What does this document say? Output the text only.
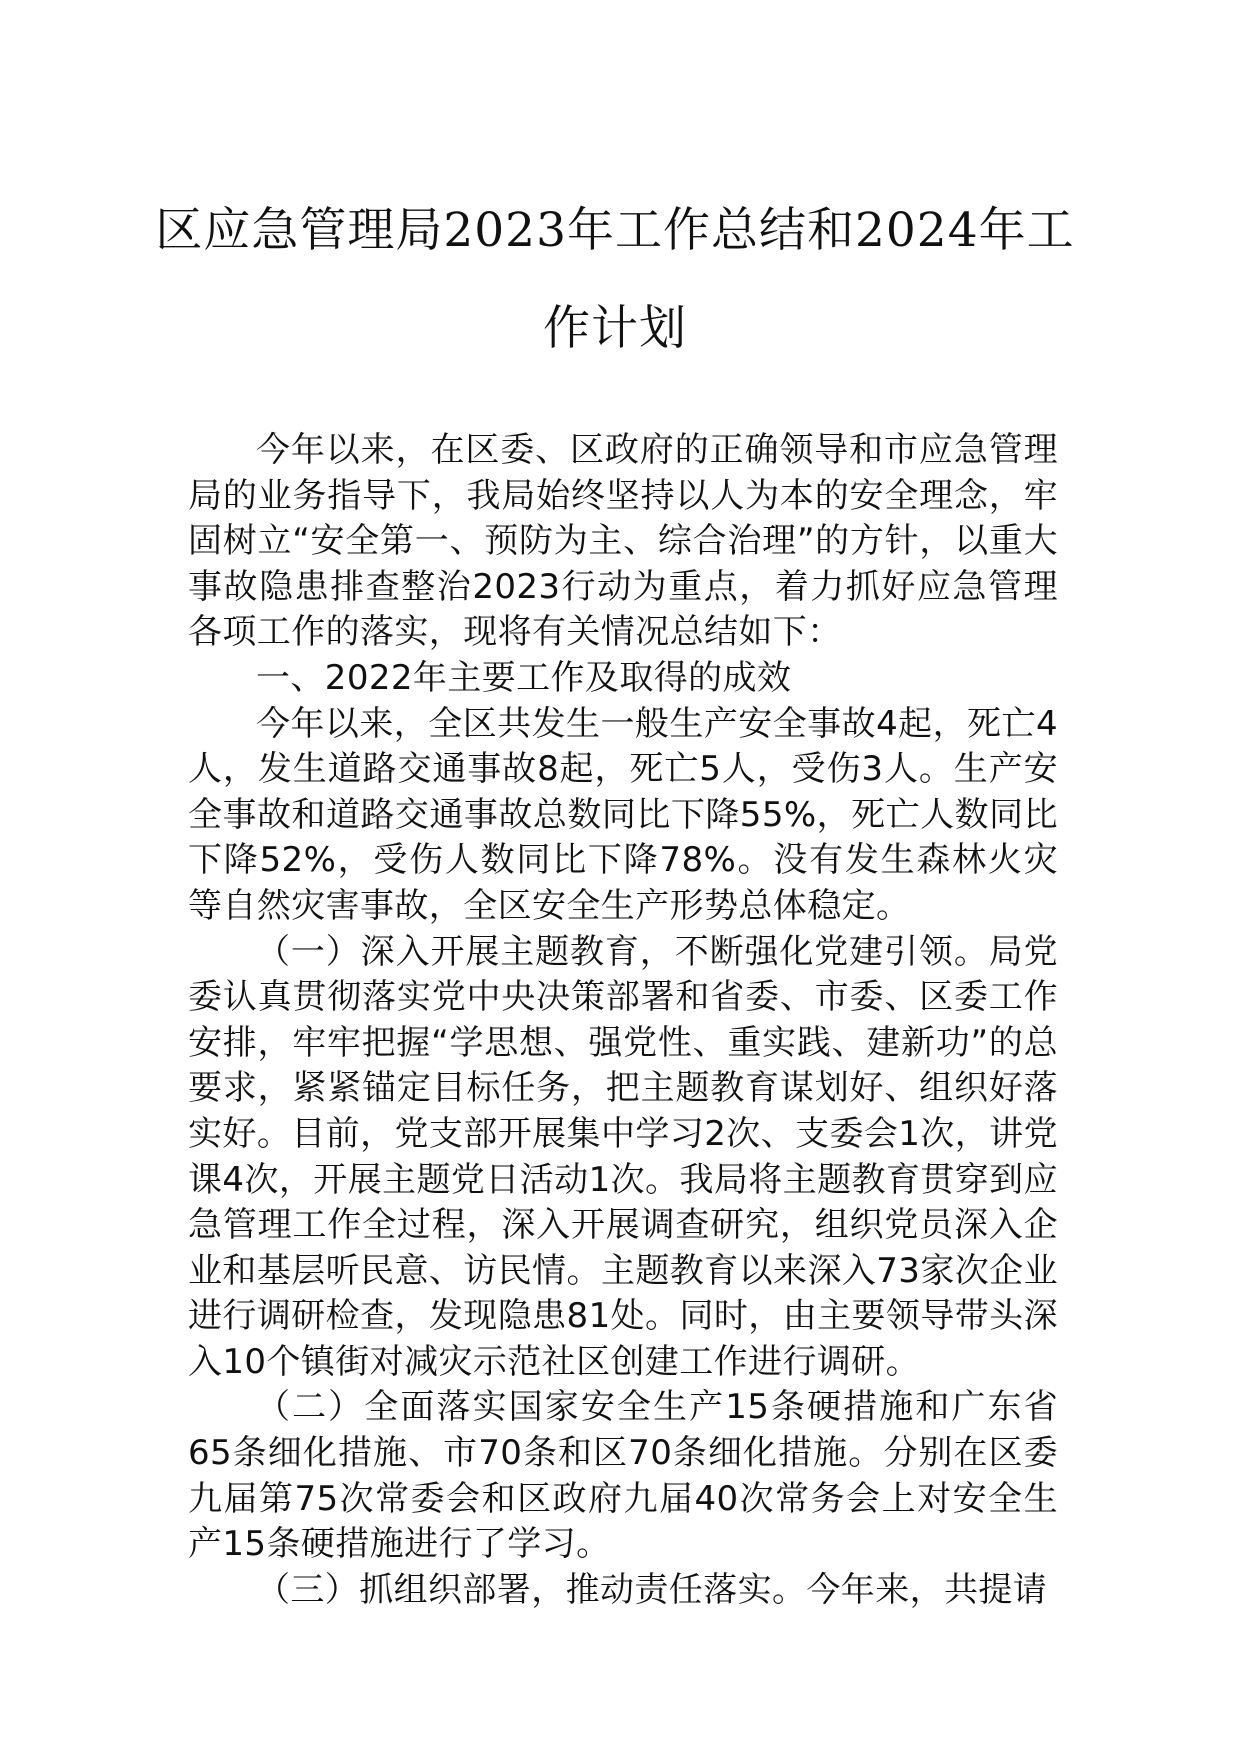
区应急管理局2023年工作总结和2024年工作计划

今年以来，在区委、区政府的正确领导和市应急管理局的业务指导下，我局始终坚持以人为本的安全理念，牢固树立“安全第一、预防为主、综合治理”的方针，以重大事故隐患排查整治2023行动为重点，着力抓好应急管理各项工作的落实，现将有关情况总结如下：

一、2022年主要工作及取得的成效

今年以来，全区共发生一般生产安全事故4起，死亡4人，发生道路交通事故8起，死亡5人，受伤3人。生产安全事故和道路交通事故总数同比下降55%，死亡人数同比下降52%，受伤人数同比下降78%。没有发生森林火灾等自然灾害事故，全区安全生产形势总体稳定。

（一）深入开展主题教育，不断强化党建引领。局党委认真贯彻落实党中央决策部署和省委、市委、区委工作安排，牢牢把握“学思想、强党性、重实践、建新功”的总要求，紧紧锚定目标任务，把主题教育谋划好、组织好落实好。目前，党支部开展集中学习2次、支委会1次，讲党课4次，开展主题党日活动1次。我局将主题教育贯穿到应急管理工作全过程，深入开展调查研究，组织党员深入企业和基层听民意、访民情。主题教育以来深入73家次企业进行调研检查，发现隐患81处。同时，由主要领导带头深入10个镇街对减灾示范社区创建工作进行调研。

（二）全面落实国家安全生产15条硬措施和广东省65条细化措施、市70条和区70条细化措施。分别在区委九届第75次常委会和区政府九届40次常务会上对安全生产15条硬措施进行了学习。

（三）抓组织部署，推动责任落实。今年来，共提请
